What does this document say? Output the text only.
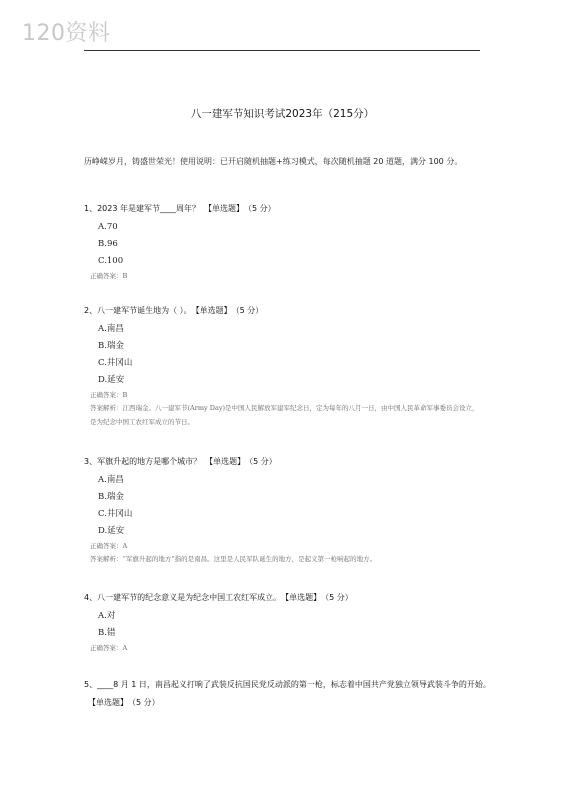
120资料
八一建军节知识考试2023年（215分）
历峥嵘岁月，铸盛世荣光！使用说明：已开启随机抽题+练习模式，每次随机抽题 20 道题，满分 100 分。
1、2023 年是建军节____周年？ 【单选题】 （5 分）
A.70
B.96
C.100
正确答案：B
2、八一建军节诞生地为（ ）。 【单选题】 （5 分）
A.南昌
B.瑞金
C.井冈山
D.延安
正确答案：B
答案解析：江西瑞金。八一建军节(Army Day)是中国人民解放军建军纪念日，定为每年的八月一日，由中国人民革命军事委员会设立，是为纪念中国工农红军成立的节日。
3、军旗升起的地方是哪个城市？ 【单选题】 （5 分）
A.南昌
B.瑞金
C.井冈山
D.延安
正确答案：A
答案解析：“军旗升起的地方”指的是南昌。这里是人民军队诞生的地方，是起义第一枪响起的地方。
4、八一建军节的纪念意义是为纪念中国工农红军成立。 【单选题】 （5 分）
A.对
B.错
正确答案：A
5、____8 月 1 日，南昌起义打响了武装反抗国民党反动派的第一枪，标志着中国共产党独立领导武装斗争的开始。【单选题】 （5 分）
